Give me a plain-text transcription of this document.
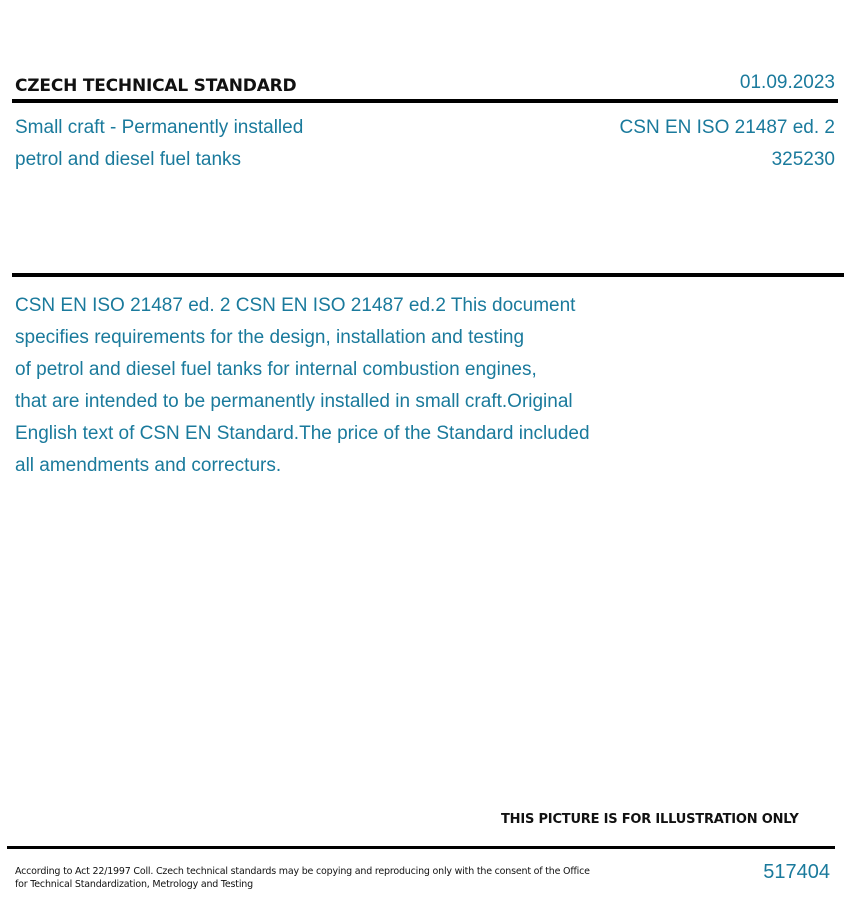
CZECH TECHNICAL STANDARD	01.09.2023
Small craft - Permanently installed
petrol and diesel fuel tanks
CSN EN ISO 21487 ed. 2
325230
CSN EN ISO 21487 ed. 2 CSN EN ISO 21487 ed.2 This document
specifies requirements for the design, installation and testing
of petrol and diesel fuel tanks for internal combustion engines,
that are intended to be permanently installed in small craft.Original
English text of CSN EN Standard.The price of the Standard included
all amendments and correcturs.
THIS PICTURE IS FOR ILLUSTRATION ONLY
According to Act 22/1997 Coll. Czech technical standards may be copying and reproducing only with the consent of the Office
for Technical Standardization, Metrology and Testing
517404
